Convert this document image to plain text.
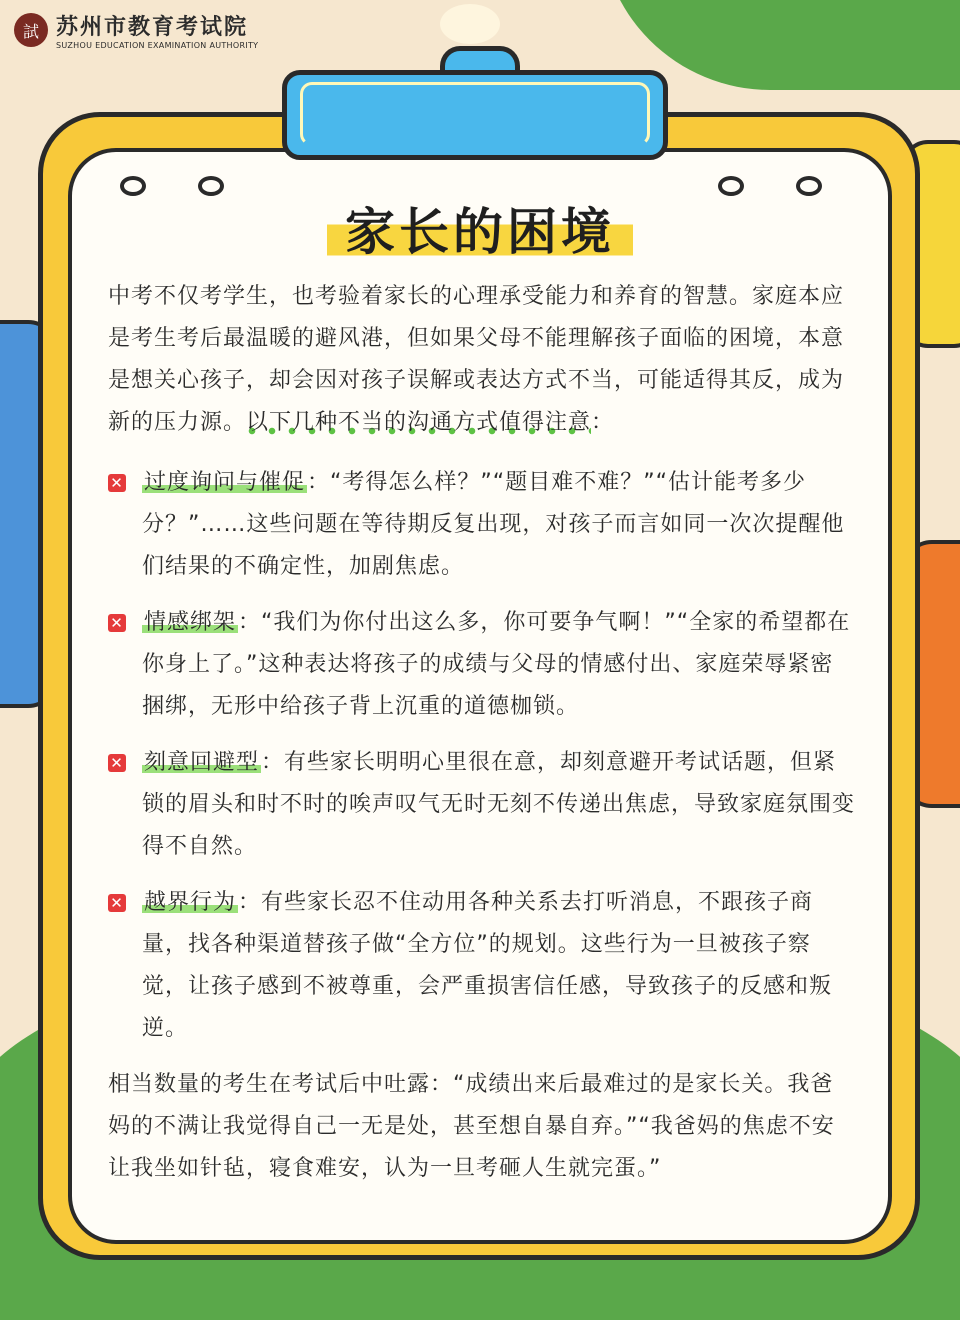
試 苏州市教育考试院
SUZHOU EDUCATION EXAMINATION AUTHORITY
家长的困境

中考不仅考学生，也考验着家长的心理承受能力和养育的智慧。家庭本应是考生考后最温暖的避风港，但如果父母不能理解孩子面临的困境，本意是想关心孩子，却会因对孩子误解或表达方式不当，可能适得其反，成为新的压力源。以下几种不当的沟通方式值得注意：

✕ 过度询问与催促：“考得怎么样？”“题目难不难？”“估计能考多少分？”……这些问题在等待期反复出现，对孩子而言如同一次次提醒他们结果的不确定性，加剧焦虑。
✕ 情感绑架：“我们为你付出这么多，你可要争气啊！”“全家的希望都在你身上了。”这种表达将孩子的成绩与父母的情感付出、家庭荣辱紧密捆绑，无形中给孩子背上沉重的道德枷锁。
✕ 刻意回避型：有些家长明明心里很在意，却刻意避开考试话题，但紧锁的眉头和时不时的唉声叹气无时无刻不传递出焦虑，导致家庭氛围变得不自然。
✕ 越界行为：有些家长忍不住动用各种关系去打听消息，不跟孩子商量，找各种渠道替孩子做“全方位”的规划。这些行为一旦被孩子察觉，让孩子感到不被尊重，会严重损害信任感，导致孩子的反感和叛逆。

相当数量的考生在考试后中吐露：“成绩出来后最难过的是家长关。我爸妈的不满让我觉得自己一无是处，甚至想自暴自弃。”“我爸妈的焦虑不安让我坐如针毡，寝食难安，认为一旦考砸人生就完蛋。”
